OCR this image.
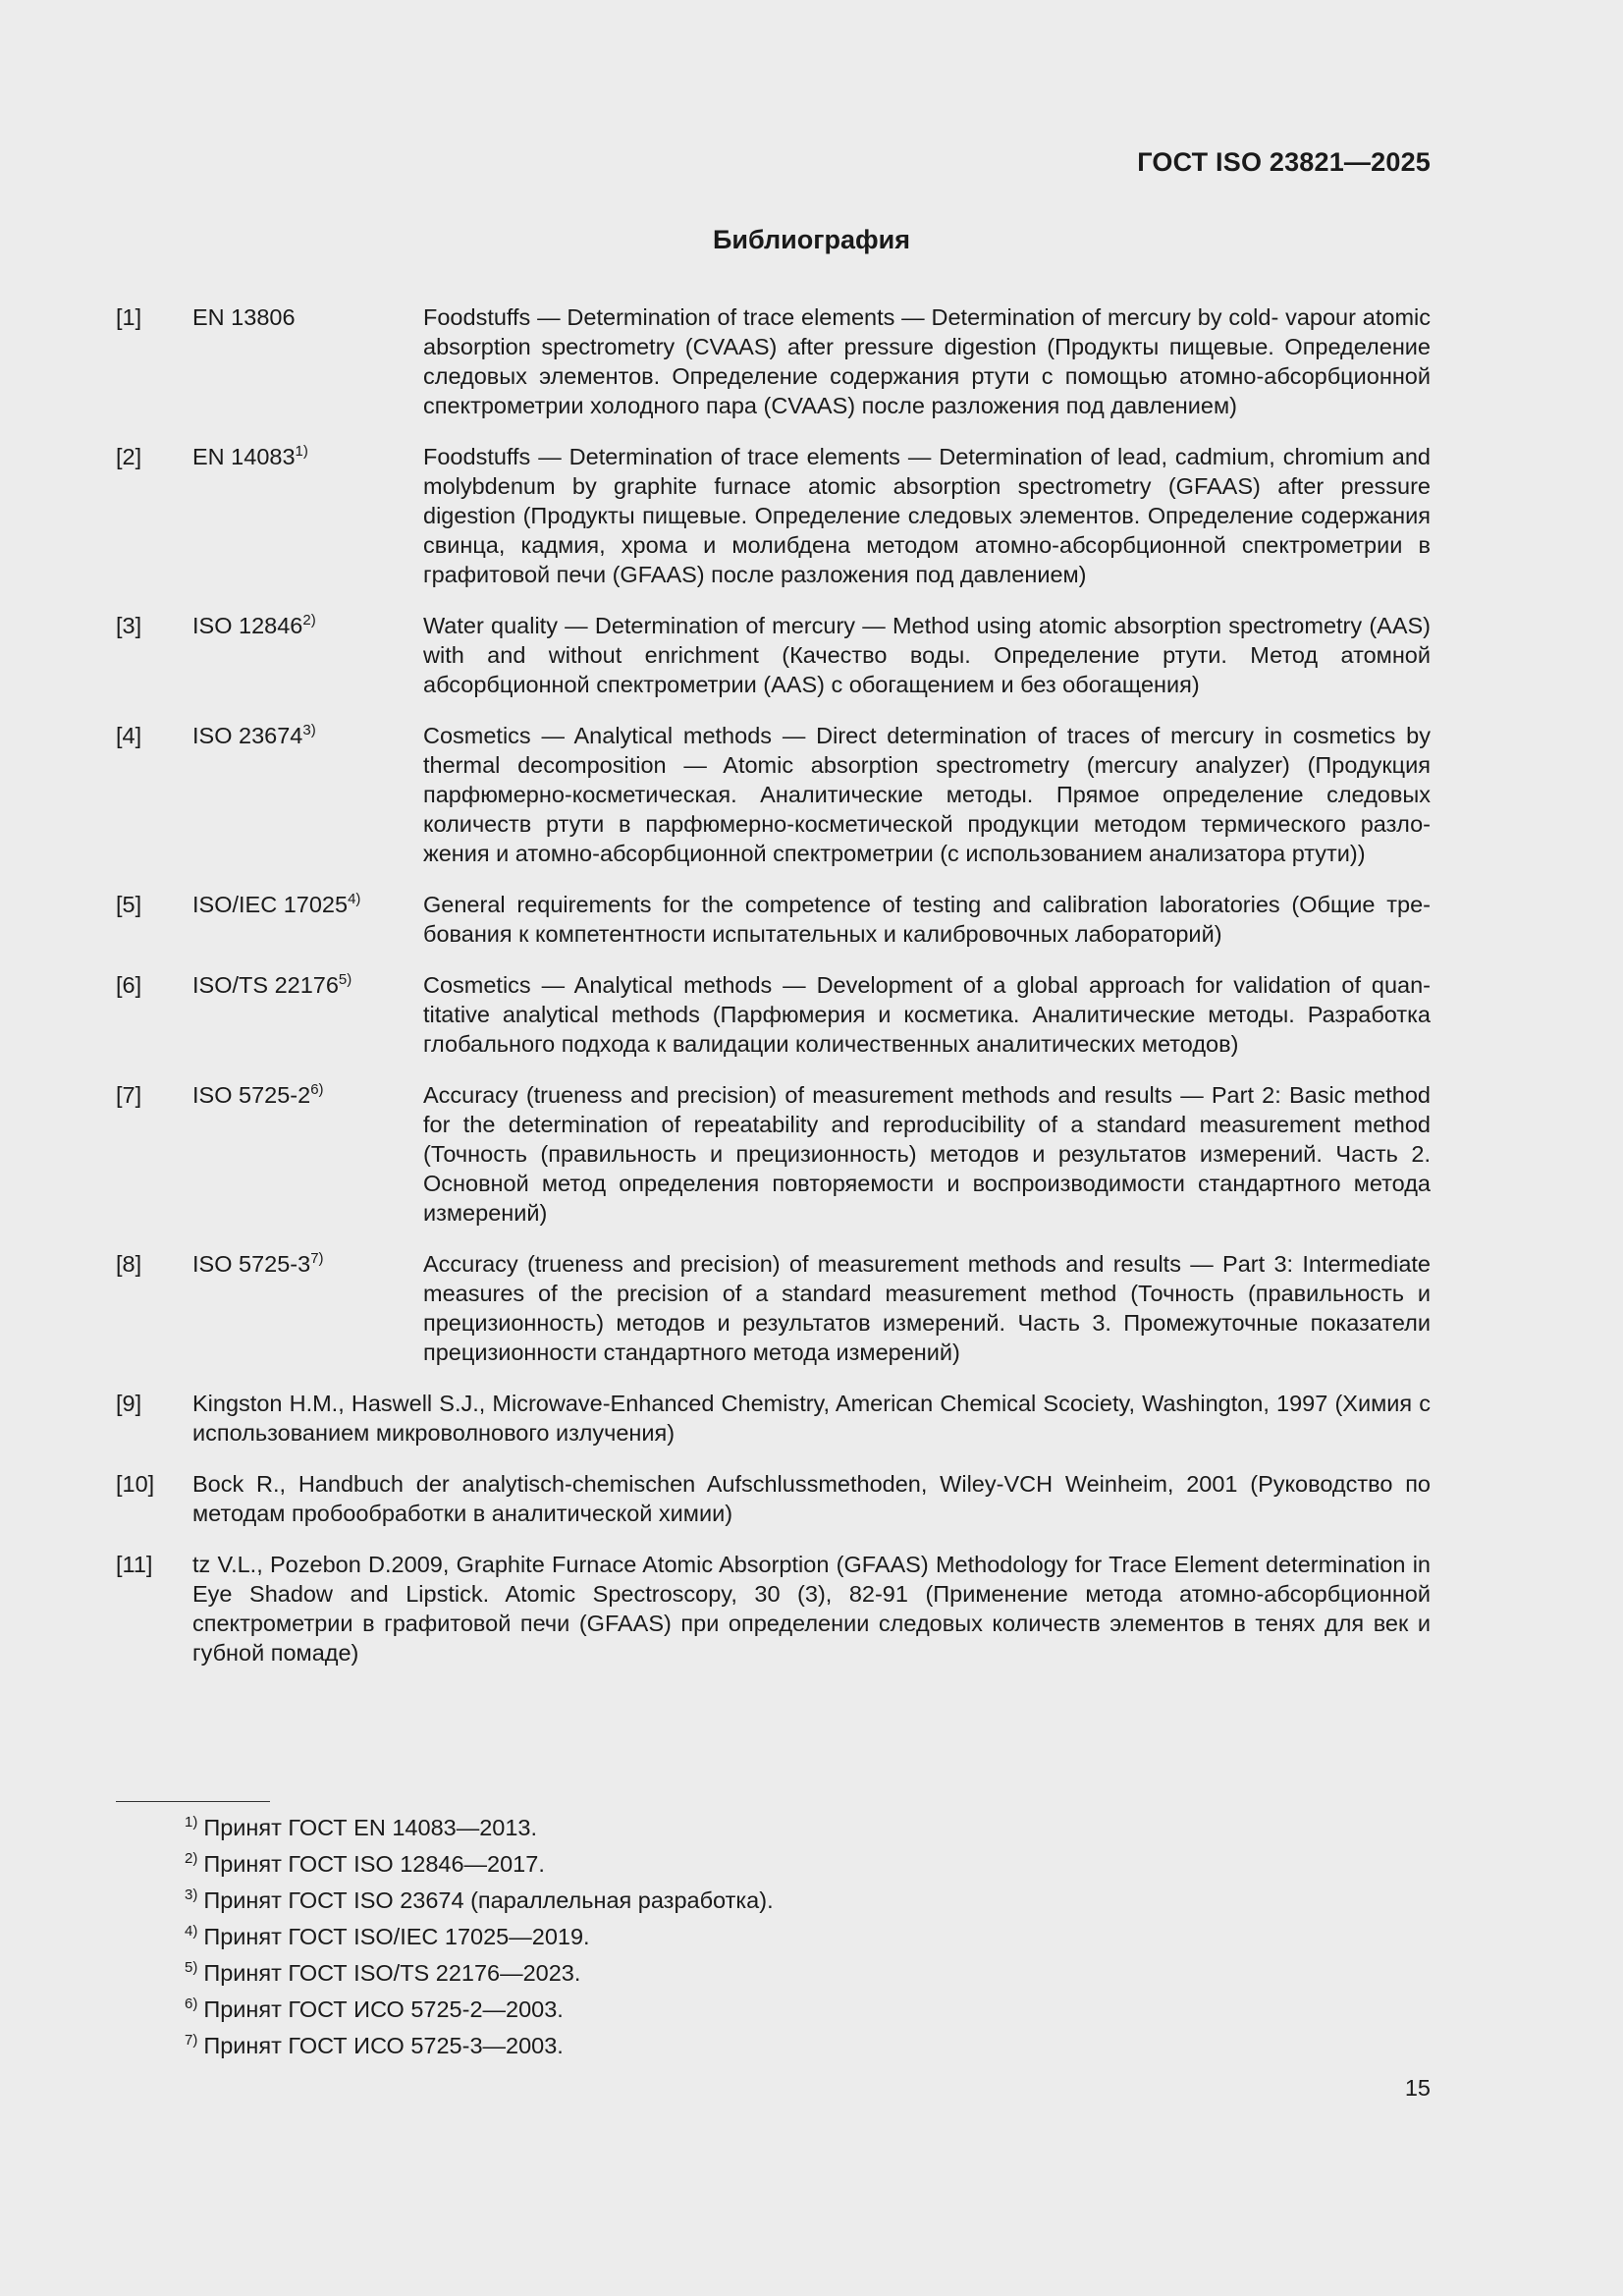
ГОСТ ISO 23821—2025
Библиография
[1]	EN 13806	Foodstuffs — Determination of trace elements — Determination of mercury by cold- vapour atomic absorption spectrometry (CVAAS) after pressure digestion (Продукты пищевые. Определение следовых элементов. Определение содержания ртути с помощью атомно-абсорбционной спектрометрии холодного пара (CVAAS) после разложения под давлением)
[2]	EN 14083$^{1)}$	Foodstuffs — Determination of trace elements — Determination of lead, cadmium, chromium and molybdenum by graphite furnace atomic absorption spectrometry (GFAAS) after pressure digestion (Продукты пищевые. Определение следовых элементов. Определение содержания свинца, кадмия, хрома и молибдена методом атомно-абсорбционной спектрометрии в графитовой печи (GFAAS) после разложения под давлением)
[3]	ISO 12846$^{2)}$	Water quality — Determination of mercury — Method using atomic absorption spectrometry (AAS) with and without enrichment (Качество воды. Определение ртути. Метод атомной абсорбционной спектрометрии (AAS) с обогащением и без обогащения)
[4]	ISO 23674$^{3)}$	Cosmetics — Analytical methods — Direct determination of traces of mercury in cosmetics by thermal decomposition — Atomic absorption spectrometry (mercury analyzer) (Продукция парфюмерно-косметическая. Аналитические методы. Прямое определение следовых количеств ртути в парфюмерно-косметической продукции методом термического разложения и атомно-абсорбционной спектрометрии (с использованием анализатора ртути))
[5]	ISO/IEC 17025$^{4)}$	General requirements for the competence of testing and calibration laboratories (Общие требования к компетентности испытательных и калибровочных лабораторий)
[6]	ISO/TS 22176$^{5)}$	Cosmetics — Analytical methods — Development of a global approach for validation of quantitative analytical methods (Парфюмерия и косметика. Аналитические методы. Разработка глобального подхода к валидации количественных аналитических методов)
[7]	ISO 5725-2$^{6)}$	Accuracy (trueness and precision) of measurement methods and results — Part 2: Basic method for the determination of repeatability and reproducibility of a standard measurement method (Точность (правильность и прецизионность) методов и результатов измерений. Часть 2. Основной метод определения повторяемости и воспроизводимости стандартного метода измерений)
[8]	ISO 5725-3$^{7)}$	Accuracy (trueness and precision) of measurement methods and results — Part 3: Intermediate measures of the precision of a standard measurement method (Точность (правильность и прецизионность) методов и результатов измерений. Часть 3. Промежуточные показатели прецизионности стандартного метода измерений)
[9]	Kingston H.M., Haswell S.J., Microwave-Enhanced Chemistry, American Chemical Scociety, Washington, 1997 (Химия с использованием микроволнового излучения)
[10]	Bock R., Handbuch der analytisch-chemischen Aufschlussmethoden, Wiley-VCH Weinheim, 2001 (Руководство по методам пробообработки в аналитической химии)
[11]	tz V.L., Pozebon D.2009, Graphite Furnace Atomic Absorption (GFAAS) Methodology for Trace Element determination in Eye Shadow and Lipstick. Atomic Spectroscopy, 30 (3), 82-91 (Применение метода атомно-абсорбционной спектрометрии в графитовой печи (GFAAS) при определении следовых количеств элементов в тенях для век и губной помаде)
$^{1)}$ Принят ГОСТ EN 14083—2013.
$^{2)}$ Принят ГОСТ ISO 12846—2017.
$^{3)}$ Принят ГОСТ ISO 23674 (параллельная разработка).
$^{4)}$ Принят ГОСТ ISO/IEC 17025—2019.
$^{5)}$ Принят ГОСТ ISO/TS 22176—2023.
$^{6)}$ Принят ГОСТ ИСО 5725-2—2003.
$^{7)}$ Принят ГОСТ ИСО 5725-3—2003.
15
